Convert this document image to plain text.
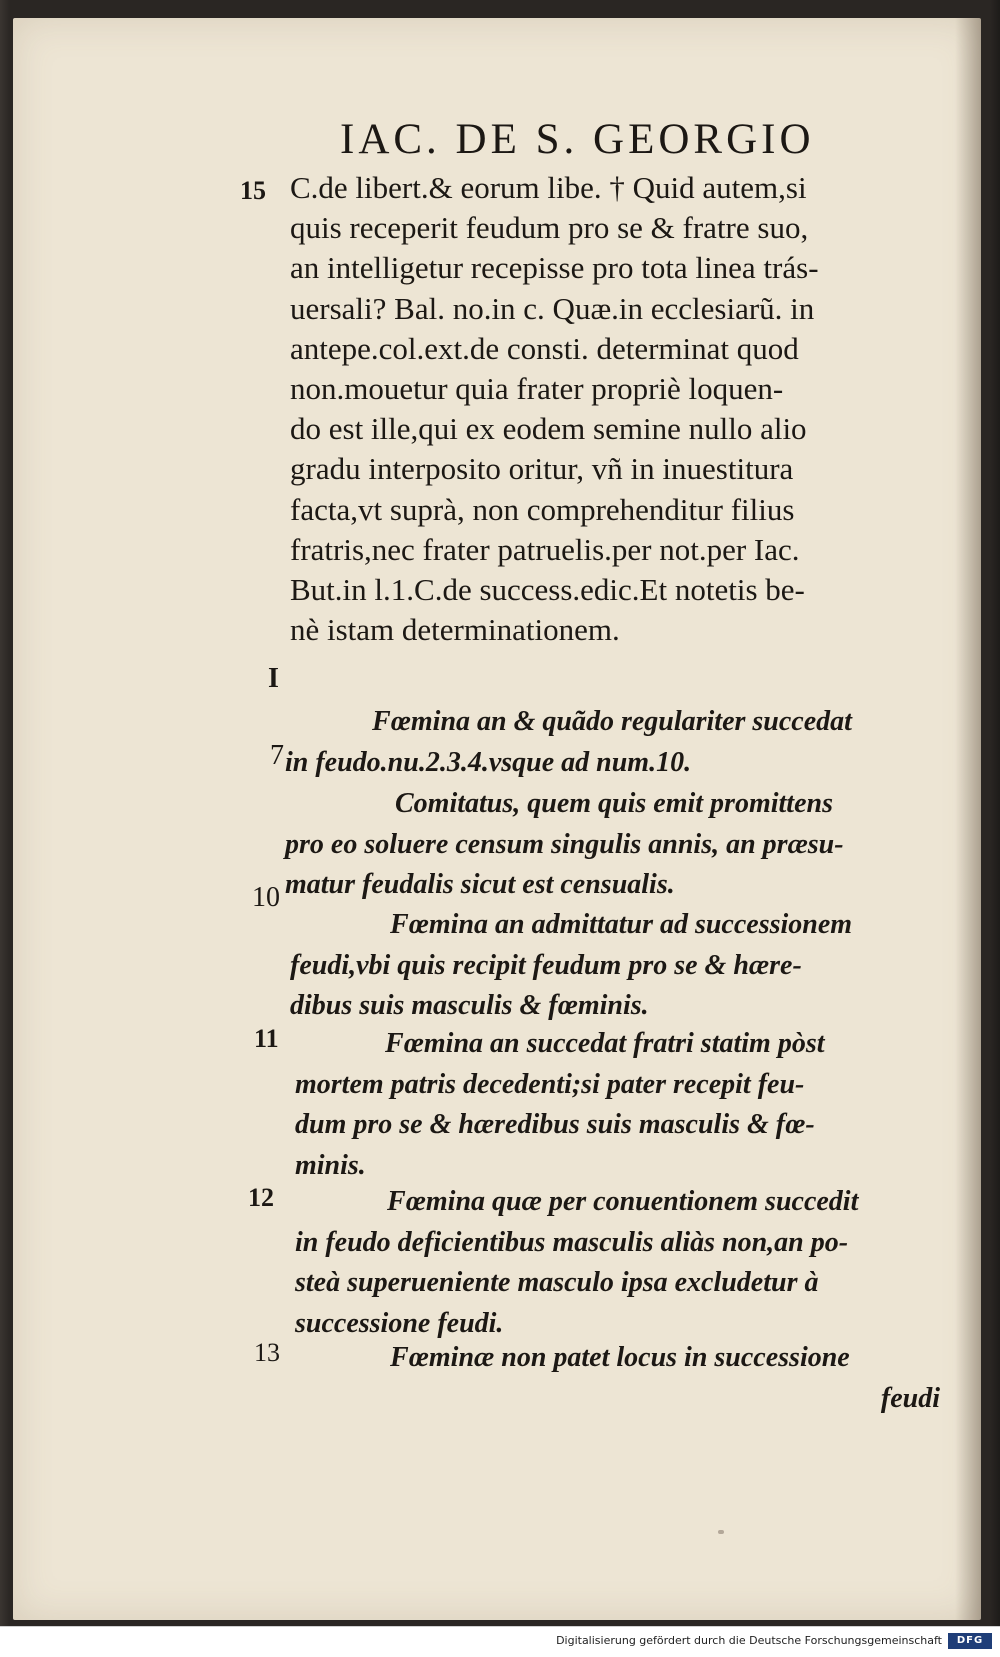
IAC. DE S. GEORGIO
15 C.de libert.& eorum libe. † Quid autem,si
quis receperit feudum pro se & fratre suo,
an intelligetur recepisse pro tota linea trás-
uersali? Bal. no.in c. Quæ.in ecclesiarũ. in
antepe.col.ext.de consti. determinat quod
non.mouetur quia frater propriè loquen-
do est ille,qui ex eodem semine nullo alio
gradu interposito oritur, vñ in inuestitura
facta,vt suprà, non comprehenditur filius
fratris,nec frater patruelis.per not.per Iac.
But.in l.1.C.de success.edic.Et notetis be-
nè istam determinationem.
I
Fœmina an & quãdo regulariter succedat
in feudo.nu.2.3.4.vsque ad num.10.
7
Comitatus, quem quis emit promittens
pro eo soluere censum singulis annis, an præsu-
matur feudalis sicut est censualis.
10
Fœmina an admittatur ad successionem
feudi,vbi quis recipit feudum pro se & hære-
dibus suis masculis & fœminis.
11	Fœmina an succedat fratri statim pòst
mortem patris decedenti;si pater recepit feu-
dum pro se & hæredibus suis masculis & fœ-
minis.
12	Fœmina quæ per conuentionem succedit
in feudo deficientibus masculis aliàs non,an po-
steà superueniente masculo ipsa excludetur à
successione feudi.
13	Fœminæ non patet locus in successione
feudi
Digitalisierung gefördert durch die Deutsche Forschungsgemeinschaft	DFG
